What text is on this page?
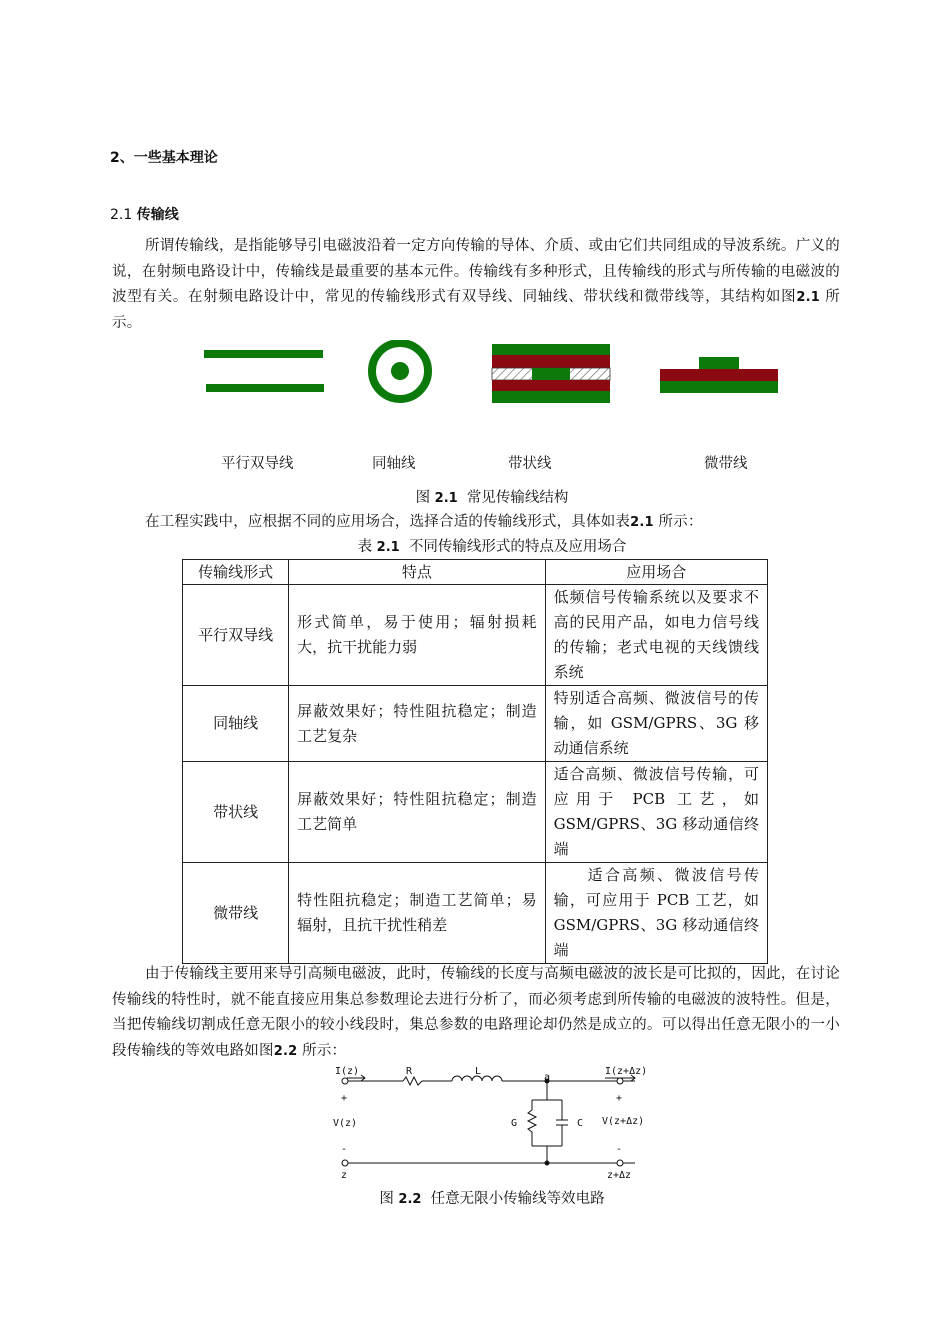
2、一些基本理论
2.1 传输线
所谓传输线，是指能够导引电磁波沿着一定方向传输的导体、介质、或由它们共同组成的导波系统。广义的说，在射频电路设计中，传输线是最重要的基本元件。传输线有多种形式，且传输线的形式与所传输的电磁波的波型有关。在射频电路设计中，常见的传输线形式有双导线、同轴线、带状线和微带线等，其结构如图2.1 所示。
平行双导线	同轴线	带状线	微带线
图 2.1 常见传输线结构
在工程实践中，应根据不同的应用场合，选择合适的传输线形式，具体如表2.1 所示：
表 2.1 不同传输线形式的特点及应用场合
传输线形式	特点	应用场合
平行双导线	形式简单，易于使用；辐射损耗大，抗干扰能力弱	低频信号传输系统以及要求不高的民用产品，如电力信号线的传输；老式电视的天线馈线系统
同轴线	屏蔽效果好；特性阻抗稳定；制造工艺复杂	特别适合高频、微波信号的传输，如 GSM/GPRS、3G 移动通信系统
带状线	屏蔽效果好；特性阻抗稳定；制造工艺简单	适合高频、微波信号传输，可应用于 PCB 工艺，如 GSM/GPRS、3G 移动通信终端
微带线	特性阻抗稳定；制造工艺简单；易辐射，且抗干扰性稍差	适合高频、微波信号传输，可应用于 PCB 工艺，如 GSM/GPRS、3G 移动通信终端
由于传输线主要用来导引高频电磁波，此时，传输线的长度与高频电磁波的波长是可比拟的，因此，在讨论传输线的特性时，就不能直接应用集总参数理论去进行分析了，而必须考虑到所传输的电磁波的波特性。但是，当把传输线切割成任意无限小的较小线段时，集总参数的电路理论却仍然是成立的。可以得出任意无限小的一小段传输线的等效电路如图2.2 所示：
I(z)	R	L
a
I(z+Δz)
+	+
V(z)	G	C V(z+Δz)
-	-
z	z+Δz
图 2.2 任意无限小传输线等效电路
